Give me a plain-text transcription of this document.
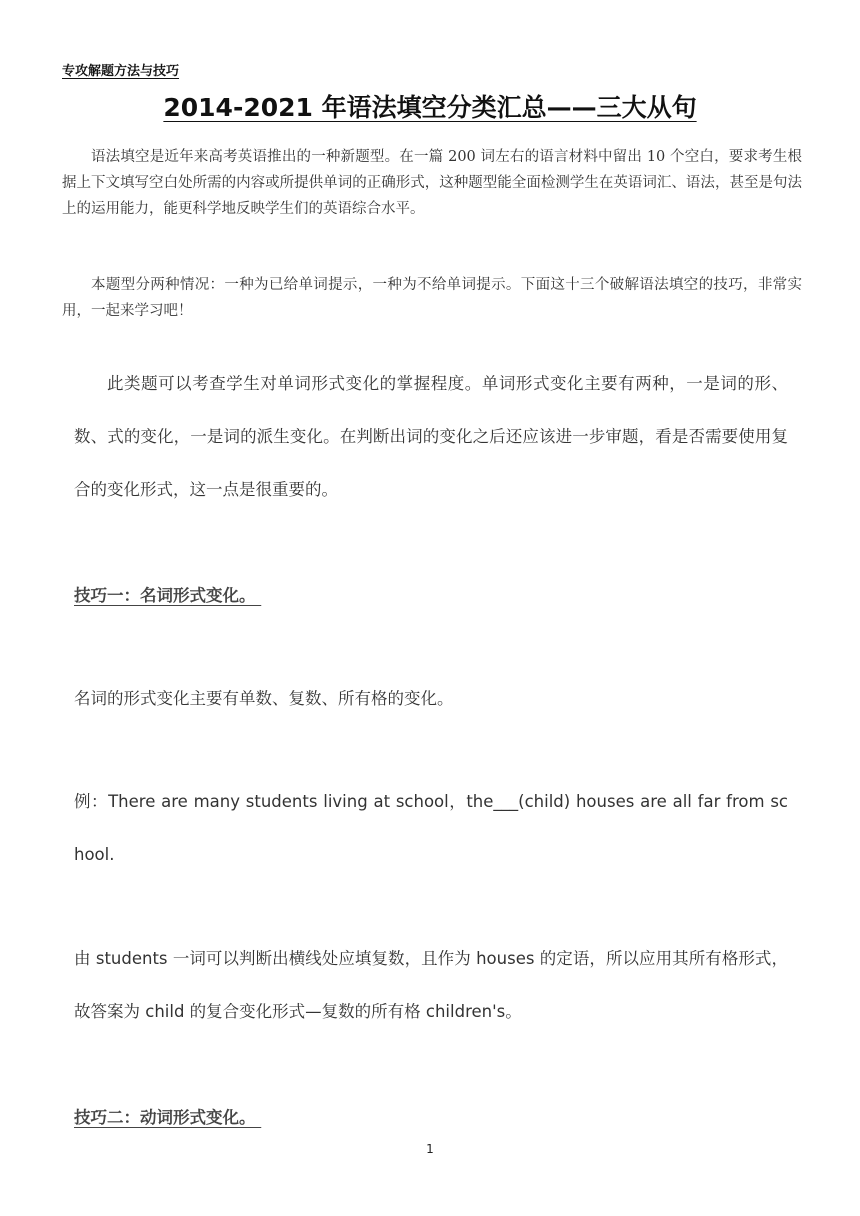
专攻解题方法与技巧
2014-2021 年语法填空分类汇总——三大从句

语法填空是近年来高考英语推出的一种新题型。在一篇 200 词左右的语言材料中留出 10 个空白，要求考生根据上下文填写空白处所需的内容或所提供单词的正确形式，这种题型能全面检测学生在英语词汇、语法，甚至是句法上的运用能力，能更科学地反映学生们的英语综合水平。

本题型分两种情况：一种为已给单词提示，一种为不给单词提示。下面这十三个破解语法填空的技巧，非常实用，一起来学习吧！

此类题可以考查学生对单词形式变化的掌握程度。单词形式变化主要有两种，一是词的形、数、式的变化，一是词的派生变化。在判断出词的变化之后还应该进一步审题，看是否需要使用复合的变化形式，这一点是很重要的。

技巧一：名词形式变化。

名词的形式变化主要有单数、复数、所有格的变化。

例：There are many students living at school，the___(child) houses are all far from school.

由 students 一词可以判断出横线处应填复数，且作为 houses 的定语，所以应用其所有格形式，故答案为 child 的复合变化形式—复数的所有格 children's。

技巧二：动词形式变化。
1
